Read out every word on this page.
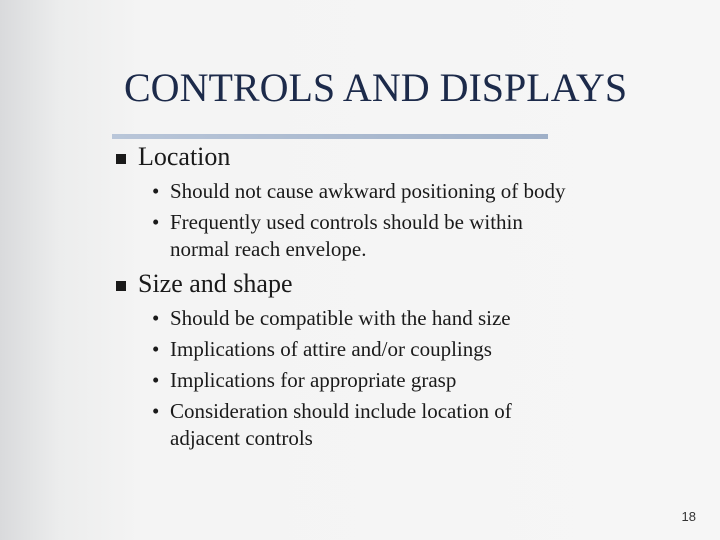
CONTROLS AND DISPLAYS
Location
• Should not cause awkward positioning of body
• Frequently used controls should be within
normal reach envelope.
Size and shape
• Should be compatible with the hand size
• Implications of attire and/or couplings
• Implications for appropriate grasp
• Consideration should include location of
adjacent controls
18
